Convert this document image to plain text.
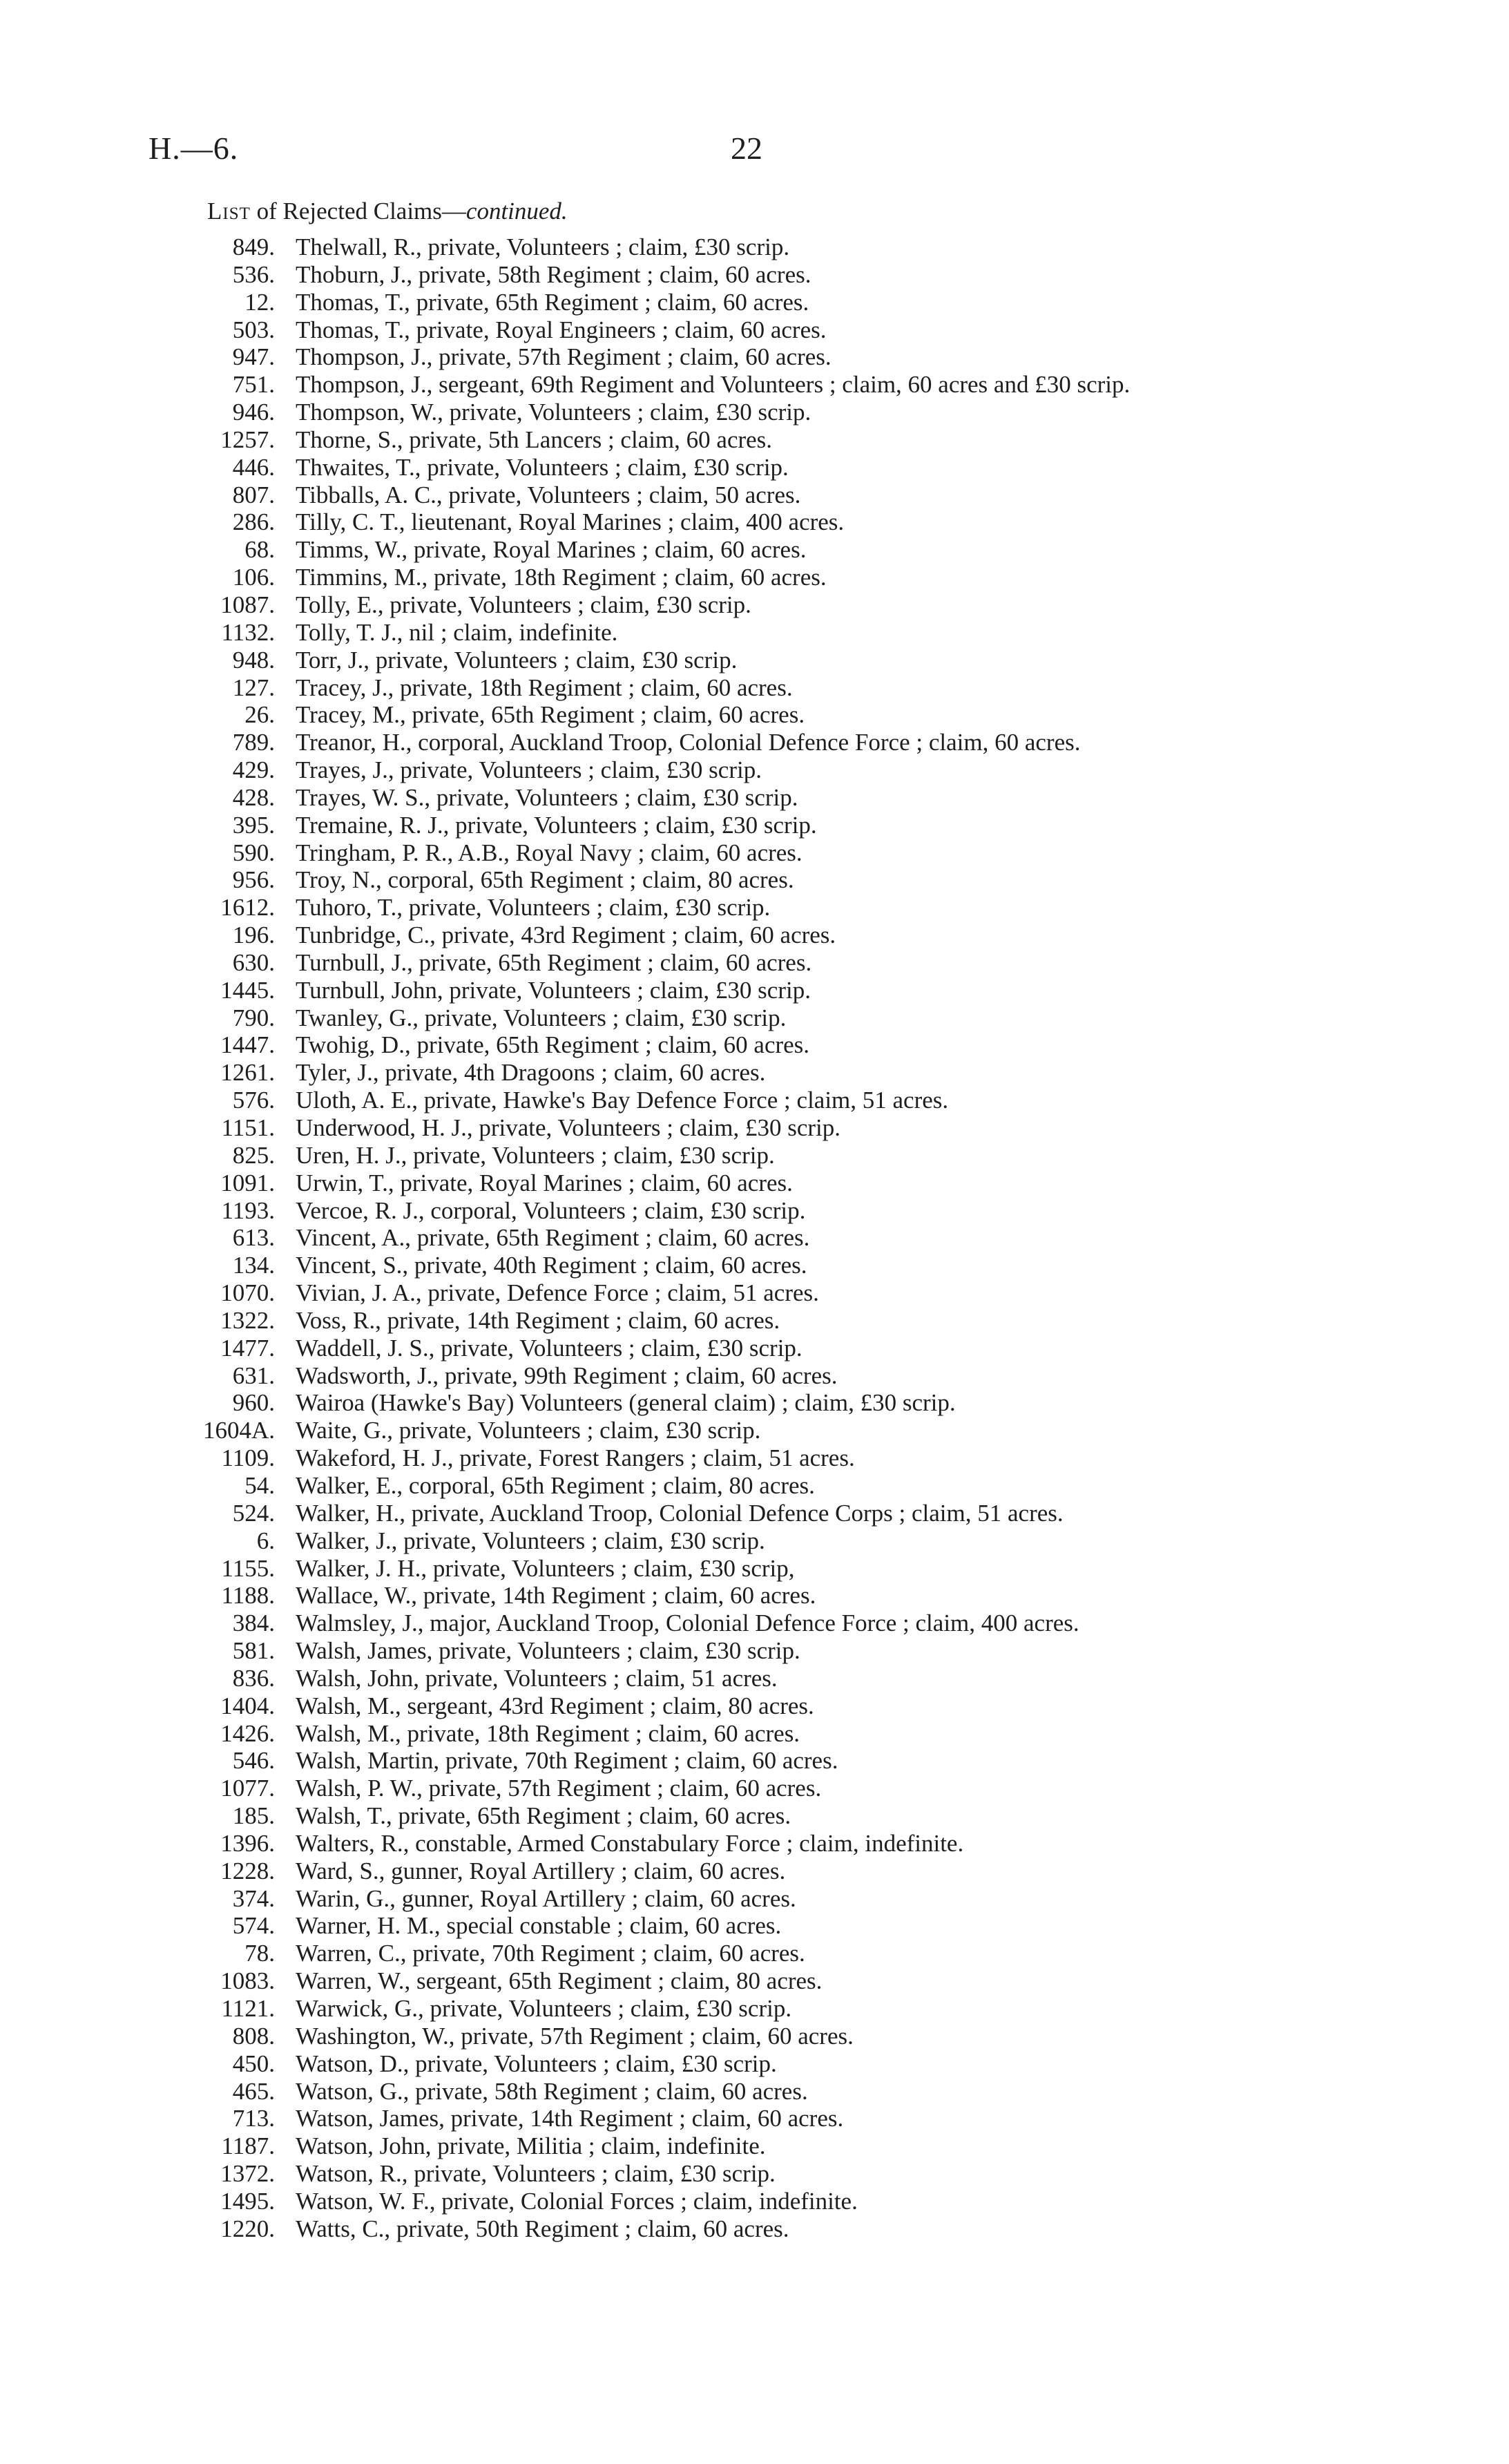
H.—6.	22
List of Rejected Claims—continued.
849. Thelwall, R., private, Volunteers ; claim, £30 scrip.
536. Thoburn, J., private, 58th Regiment ; claim, 60 acres.
12. Thomas, T., private, 65th Regiment ; claim, 60 acres.
503. Thomas, T., private, Royal Engineers ; claim, 60 acres.
947. Thompson, J., private, 57th Regiment ; claim, 60 acres.
751. Thompson, J., sergeant, 69th Regiment and Volunteers ; claim, 60 acres and £30 scrip.
946. Thompson, W., private, Volunteers ; claim, £30 scrip.
1257. Thorne, S., private, 5th Lancers ; claim, 60 acres.
446. Thwaites, T., private, Volunteers ; claim, £30 scrip.
807. Tibballs, A. C., private, Volunteers ; claim, 50 acres.
286. Tilly, C. T., lieutenant, Royal Marines ; claim, 400 acres.
68. Timms, W., private, Royal Marines ; claim, 60 acres.
106. Timmins, M., private, 18th Regiment ; claim, 60 acres.
1087. Tolly, E., private, Volunteers ; claim, £30 scrip.
1132. Tolly, T. J., nil ; claim, indefinite.
948. Torr, J., private, Volunteers ; claim, £30 scrip.
127. Tracey, J., private, 18th Regiment ; claim, 60 acres.
26. Tracey, M., private, 65th Regiment ; claim, 60 acres.
789. Treanor, H., corporal, Auckland Troop, Colonial Defence Force ; claim, 60 acres.
429. Trayes, J., private, Volunteers ; claim, £30 scrip.
428. Trayes, W. S., private, Volunteers ; claim, £30 scrip.
395. Tremaine, R. J., private, Volunteers ; claim, £30 scrip.
590. Tringham, P. R., A.B., Royal Navy ; claim, 60 acres.
956. Troy, N., corporal, 65th Regiment ; claim, 80 acres.
1612. Tuhoro, T., private, Volunteers ; claim, £30 scrip.
196. Tunbridge, C., private, 43rd Regiment ; claim, 60 acres.
630. Turnbull, J., private, 65th Regiment ; claim, 60 acres.
1445. Turnbull, John, private, Volunteers ; claim, £30 scrip.
790. Twanley, G., private, Volunteers ; claim, £30 scrip.
1447. Twohig, D., private, 65th Regiment ; claim, 60 acres.
1261. Tyler, J., private, 4th Dragoons ; claim, 60 acres.
576. Uloth, A. E., private, Hawke's Bay Defence Force ; claim, 51 acres.
1151. Underwood, H. J., private, Volunteers ; claim, £30 scrip.
825. Uren, H. J., private, Volunteers ; claim, £30 scrip.
1091. Urwin, T., private, Royal Marines ; claim, 60 acres.
1193. Vercoe, R. J., corporal, Volunteers ; claim, £30 scrip.
613. Vincent, A., private, 65th Regiment ; claim, 60 acres.
134. Vincent, S., private, 40th Regiment ; claim, 60 acres.
1070. Vivian, J. A., private, Defence Force ; claim, 51 acres.
1322. Voss, R., private, 14th Regiment ; claim, 60 acres.
1477. Waddell, J. S., private, Volunteers ; claim, £30 scrip.
631. Wadsworth, J., private, 99th Regiment ; claim, 60 acres.
960. Wairoa (Hawke's Bay) Volunteers (general claim) ; claim, £30 scrip.
1604A. Waite, G., private, Volunteers ; claim, £30 scrip.
1109. Wakeford, H. J., private, Forest Rangers ; claim, 51 acres.
54. Walker, E., corporal, 65th Regiment ; claim, 80 acres.
524. Walker, H., private, Auckland Troop, Colonial Defence Corps ; claim, 51 acres.
6. Walker, J., private, Volunteers ; claim, £30 scrip.
1155. Walker, J. H., private, Volunteers ; claim, £30 scrip,
1188. Wallace, W., private, 14th Regiment ; claim, 60 acres.
384. Walmsley, J., major, Auckland Troop, Colonial Defence Force ; claim, 400 acres.
581. Walsh, James, private, Volunteers ; claim, £30 scrip.
836. Walsh, John, private, Volunteers ; claim, 51 acres.
1404. Walsh, M., sergeant, 43rd Regiment ; claim, 80 acres.
1426. Walsh, M., private, 18th Regiment ; claim, 60 acres.
546. Walsh, Martin, private, 70th Regiment ; claim, 60 acres.
1077. Walsh, P. W., private, 57th Regiment ; claim, 60 acres.
185. Walsh, T., private, 65th Regiment ; claim, 60 acres.
1396. Walters, R., constable, Armed Constabulary Force ; claim, indefinite.
1228. Ward, S., gunner, Royal Artillery ; claim, 60 acres.
374. Warin, G., gunner, Royal Artillery ; claim, 60 acres.
574. Warner, H. M., special constable ; claim, 60 acres.
78. Warren, C., private, 70th Regiment ; claim, 60 acres.
1083. Warren, W., sergeant, 65th Regiment ; claim, 80 acres.
1121. Warwick, G., private, Volunteers ; claim, £30 scrip.
808. Washington, W., private, 57th Regiment ; claim, 60 acres.
450. Watson, D., private, Volunteers ; claim, £30 scrip.
465. Watson, G., private, 58th Regiment ; claim, 60 acres.
713. Watson, James, private, 14th Regiment ; claim, 60 acres.
1187. Watson, John, private, Militia ; claim, indefinite.
1372. Watson, R., private, Volunteers ; claim, £30 scrip.
1495. Watson, W. F., private, Colonial Forces ; claim, indefinite.
1220. Watts, C., private, 50th Regiment ; claim, 60 acres.
